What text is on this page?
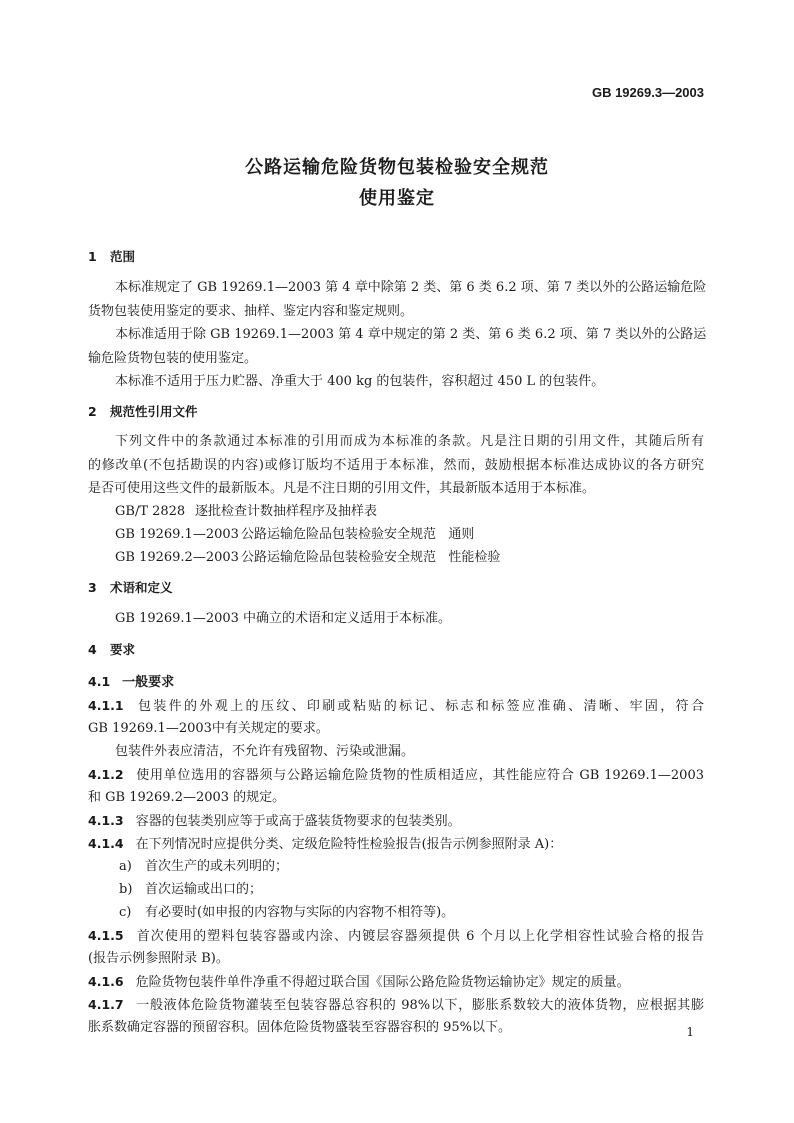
GB 19269.3—2003
公路运输危险货物包装检验安全规范
使用鉴定
1 范围
本标准规定了 GB 19269.1—2003 第 4 章中除第 2 类、第 6 类 6.2 项、第 7 类以外的公路运输危险
货物包装使用鉴定的要求、抽样、鉴定内容和鉴定规则。
本标准适用于除 GB 19269.1—2003 第 4 章中规定的第 2 类、第 6 类 6.2 项、第 7 类以外的公路运
输危险货物包装的使用鉴定。
本标准不适用于压力贮器、净重大于 400 kg 的包装件，容积超过 450 L 的包装件。
2 规范性引用文件
下列文件中的条款通过本标准的引用而成为本标准的条款。凡是注日期的引用文件，其随后所有
的修改单(不包括勘误的内容)或修订版均不适用于本标准，然而，鼓励根据本标准达成协议的各方研究
是否可使用这些文件的最新版本。凡是不注日期的引用文件，其最新版本适用于本标准。
GB/T 2828 逐批检查计数抽样程序及抽样表
GB 19269.1—2003 公路运输危险品包装检验安全规范 通则
GB 19269.2—2003 公路运输危险品包装检验安全规范 性能检验
3 术语和定义
GB 19269.1—2003 中确立的术语和定义适用于本标准。
4 要求
4.1 一般要求
4.1.1 包装件的外观上的压纹、印刷或粘贴的标记、标志和标签应准确、清晰、牢固，符合
GB 19269.1—2003中有关规定的要求。
包装件外表应清洁，不允许有残留物、污染或泄漏。
4.1.2 使用单位选用的容器须与公路运输危险货物的性质相适应，其性能应符合 GB 19269.1—2003
和 GB 19269.2—2003 的规定。
4.1.3 容器的包装类别应等于或高于盛装货物要求的包装类别。
4.1.4 在下列情况时应提供分类、定级危险特性检验报告(报告示例参照附录 A)：
a) 首次生产的或未列明的；
b) 首次运输或出口的；
c) 有必要时(如申报的内容物与实际的内容物不相符等)。
4.1.5 首次使用的塑料包装容器或内涂、内镀层容器须提供 6 个月以上化学相容性试验合格的报告
(报告示例参照附录 B)。
4.1.6 危险货物包装件单件净重不得超过联合国《国际公路危险货物运输协定》规定的质量。
4.1.7 一般液体危险货物灌装至包装容器总容积的 98%以下，膨胀系数较大的液体货物，应根据其膨
胀系数确定容器的预留容积。固体危险货物盛装至容器容积的 95%以下。	1
